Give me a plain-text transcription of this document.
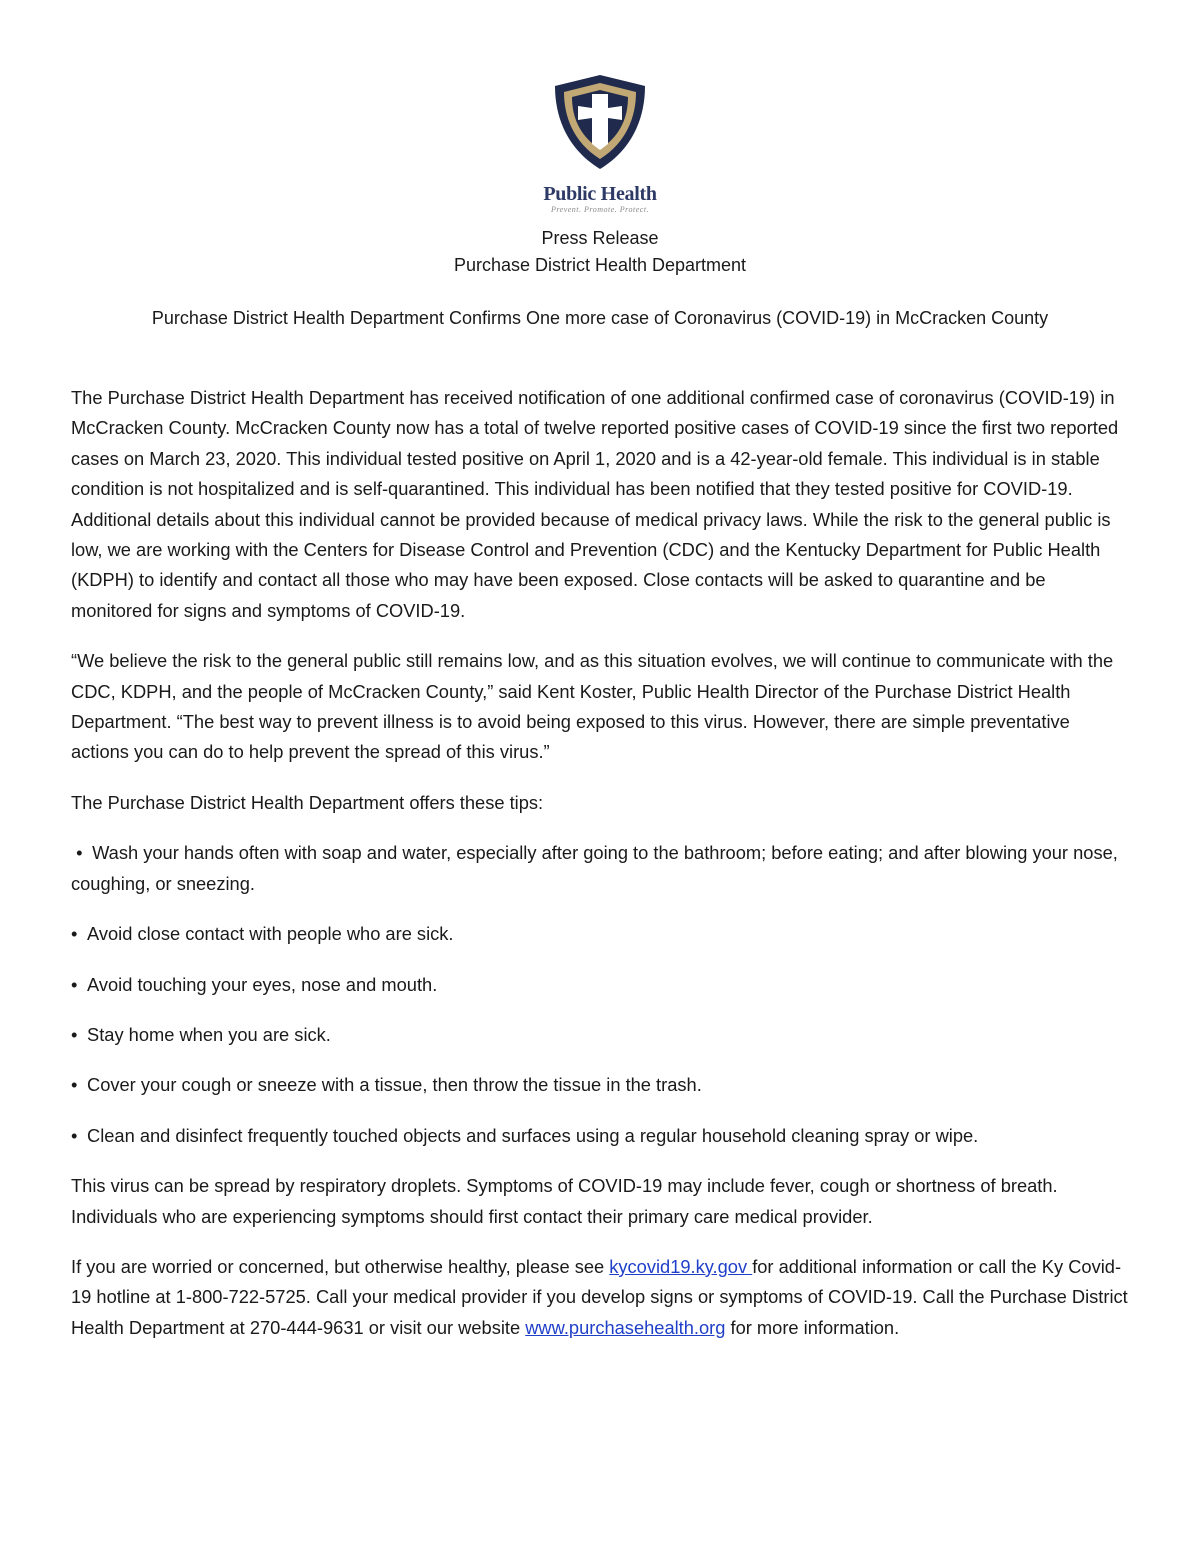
Public Health
Prevent. Promote. Protect.
Press Release
Purchase District Health Department
Purchase District Health Department Confirms One more case of Coronavirus (COVID-19) in McCracken County

The Purchase District Health Department has received notification of one additional confirmed case of coronavirus (COVID-19) in McCracken County. McCracken County now has a total of twelve reported positive cases of COVID-19 since the first two reported cases on March 23, 2020. This individual tested positive on April 1, 2020 and is a 42-year-old female. This individual is in stable condition is not hospitalized and is self-quarantined. This individual has been notified that they tested positive for COVID-19. Additional details about this individual cannot be provided because of medical privacy laws. While the risk to the general public is low, we are working with the Centers for Disease Control and Prevention (CDC) and the Kentucky Department for Public Health (KDPH) to identify and contact all those who may have been exposed. Close contacts will be asked to quarantine and be monitored for signs and symptoms of COVID-19.

“We believe the risk to the general public still remains low, and as this situation evolves, we will continue to communicate with the CDC, KDPH, and the people of McCracken County,” said Kent Koster, Public Health Director of the Purchase District Health Department. “The best way to prevent illness is to avoid being exposed to this virus. However, there are simple preventative actions you can do to help prevent the spread of this virus.”

The Purchase District Health Department offers these tips:

• Wash your hands often with soap and water, especially after going to the bathroom; before eating; and after blowing your nose, coughing, or sneezing.

• Avoid close contact with people who are sick.

• Avoid touching your eyes, nose and mouth.

• Stay home when you are sick.

• Cover your cough or sneeze with a tissue, then throw the tissue in the trash.

• Clean and disinfect frequently touched objects and surfaces using a regular household cleaning spray or wipe.

This virus can be spread by respiratory droplets. Symptoms of COVID-19 may include fever, cough or shortness of breath. Individuals who are experiencing symptoms should first contact their primary care medical provider.

If you are worried or concerned, but otherwise healthy, please see kycovid19.ky.gov for additional information or call the Ky Covid-19 hotline at 1-800-722-5725. Call your medical provider if you develop signs or symptoms of COVID-19. Call the Purchase District Health Department at 270-444-9631 or visit our website www.purchasehealth.org for more information.
